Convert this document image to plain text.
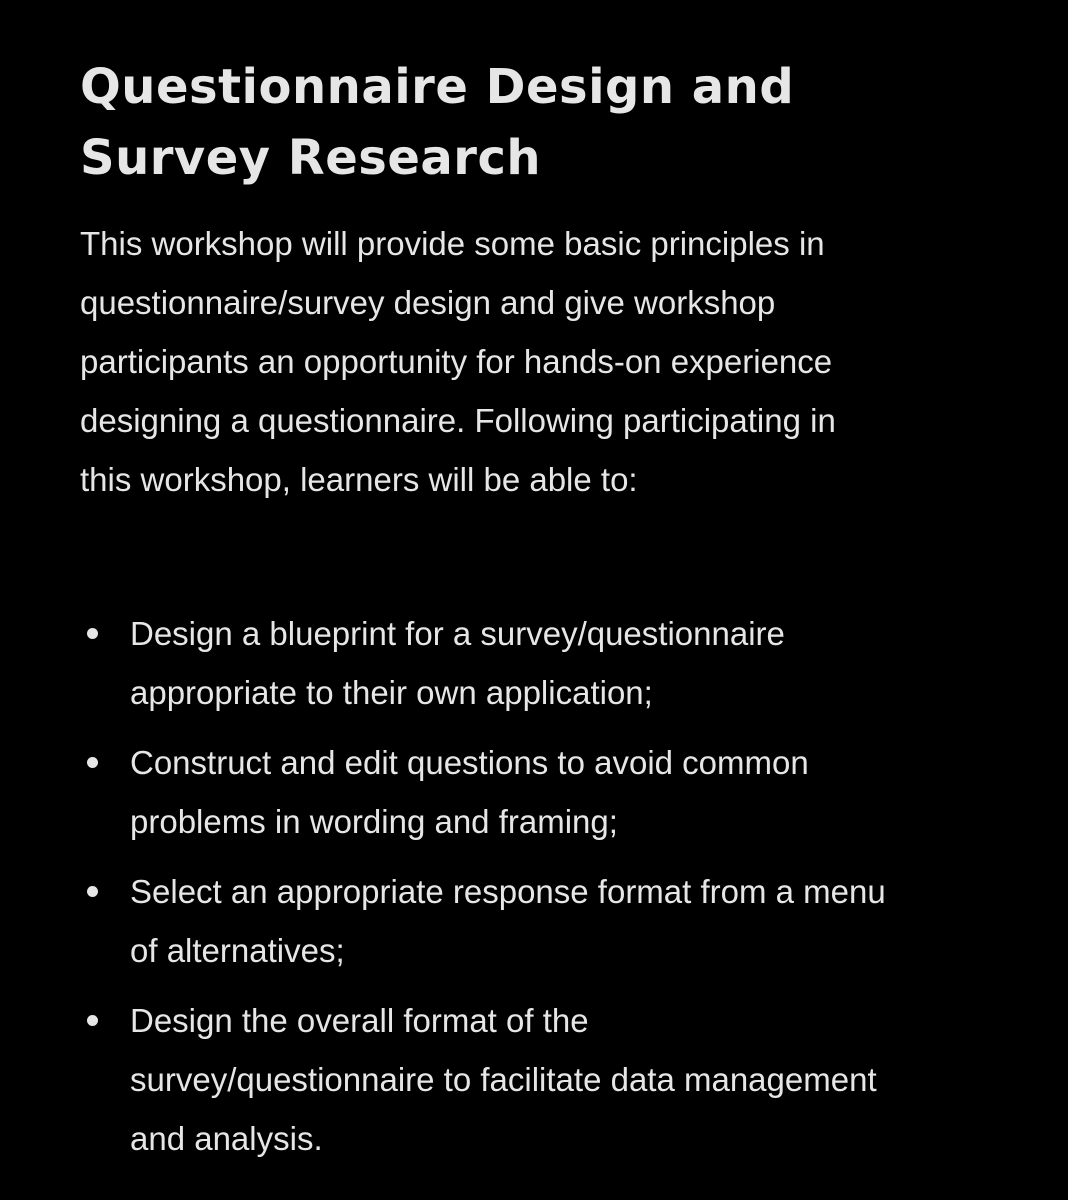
Questionnaire Design and
Survey Research

This workshop will provide some basic principles in
questionnaire/survey design and give workshop
participants an opportunity for hands-on experience
designing a questionnaire. Following participating in
this workshop, learners will be able to:

Design a blueprint for a survey/questionnaire
appropriate to their own application;
Construct and edit questions to avoid common
problems in wording and framing;
Select an appropriate response format from a menu
of alternatives;
Design the overall format of the
survey/questionnaire to facilitate data management
and analysis.
